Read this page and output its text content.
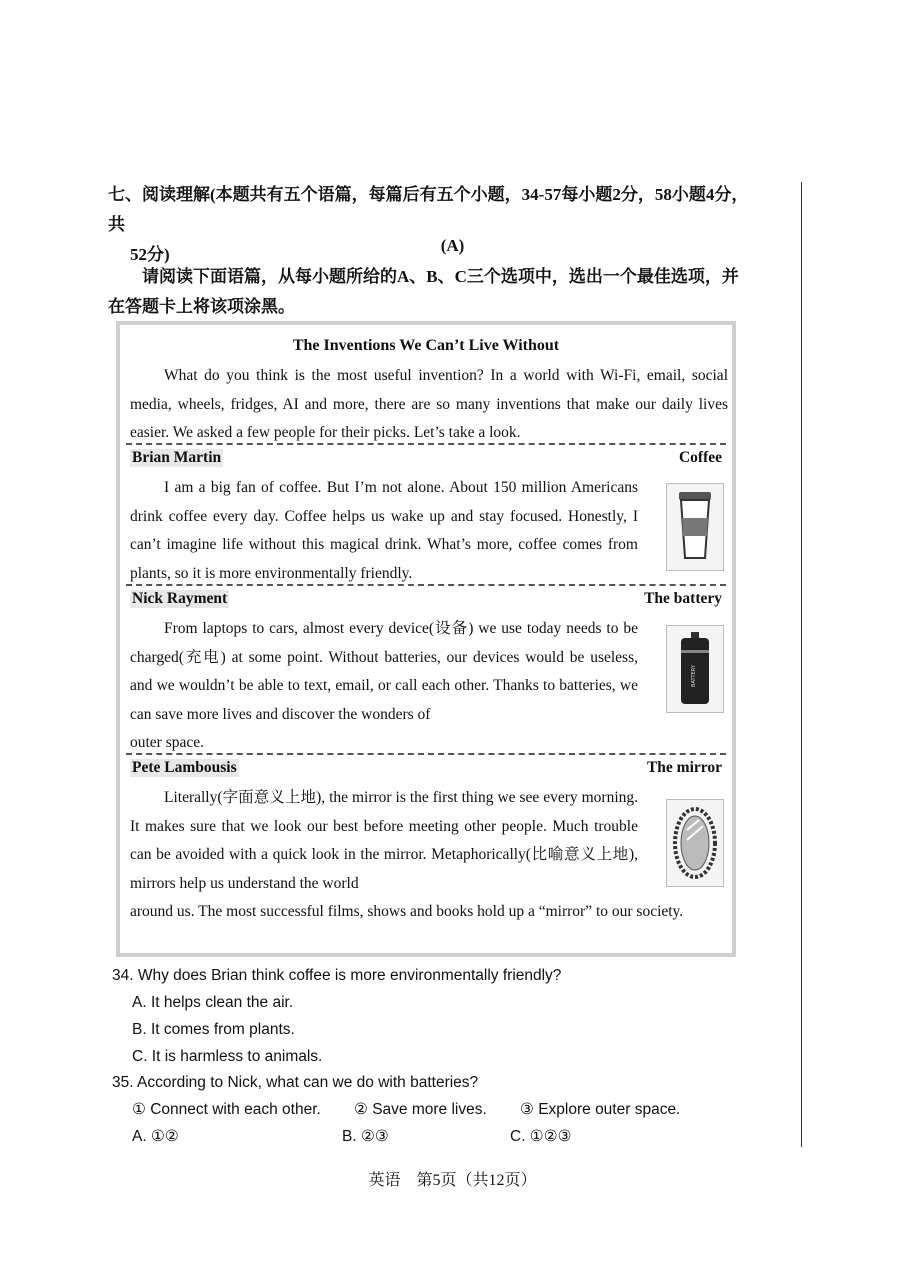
七、阅读理解(本题共有五个语篇，每篇后有五个小题，34-57每小题2分，58小题4分，共
52分)	(A)
请阅读下面语篇，从每小题所给的A、B、C三个选项中，选出一个最佳选项，并在答题卡上将该项涂黑。
The Inventions We Can’t Live Without
What do you think is the most useful invention? In a world with Wi-Fi, email, social media, wheels, fridges, AI and more, there are so many inventions that make our daily lives easier. We asked a few people for their picks. Let’s take a look.
Brian Martin	Coffee
I am a big fan of coffee. But I’m not alone. About 150 million Americans drink coffee every day. Coffee helps us wake up and stay focused. Honestly, I can’t imagine life without this magical drink. What’s more, coffee comes from plants, so it is more environmentally friendly.
Nick Rayment	The battery
From laptops to cars, almost every device(设备) we use today needs to be charged(充电) at some point. Without batteries, our devices would be useless, and we wouldn’t be able to text, email, or call each other. Thanks to batteries, we can save more lives and discover the wonders of
outer space.
BATTERY
Pete Lambousis	The mirror
Literally(字面意义上地), the mirror is the first thing we see every morning. It makes sure that we look our best before meeting other people. Much trouble can be avoided with a quick look in the mirror. Metaphorically(比喻意义上地), mirrors help us understand the world
around us. The most successful films, shows and books hold up a “mirror” to our society.
34. Why does Brian think coffee is more environmentally friendly?
A. It helps clean the air.
B. It comes from plants.
C. It is harmless to animals.
35. According to Nick, what can we do with batteries?
① Connect with each other. ② Save more lives. ③ Explore outer space.
A. ①②	B. ②③	C. ①②③
英语　第5页（共12页）
